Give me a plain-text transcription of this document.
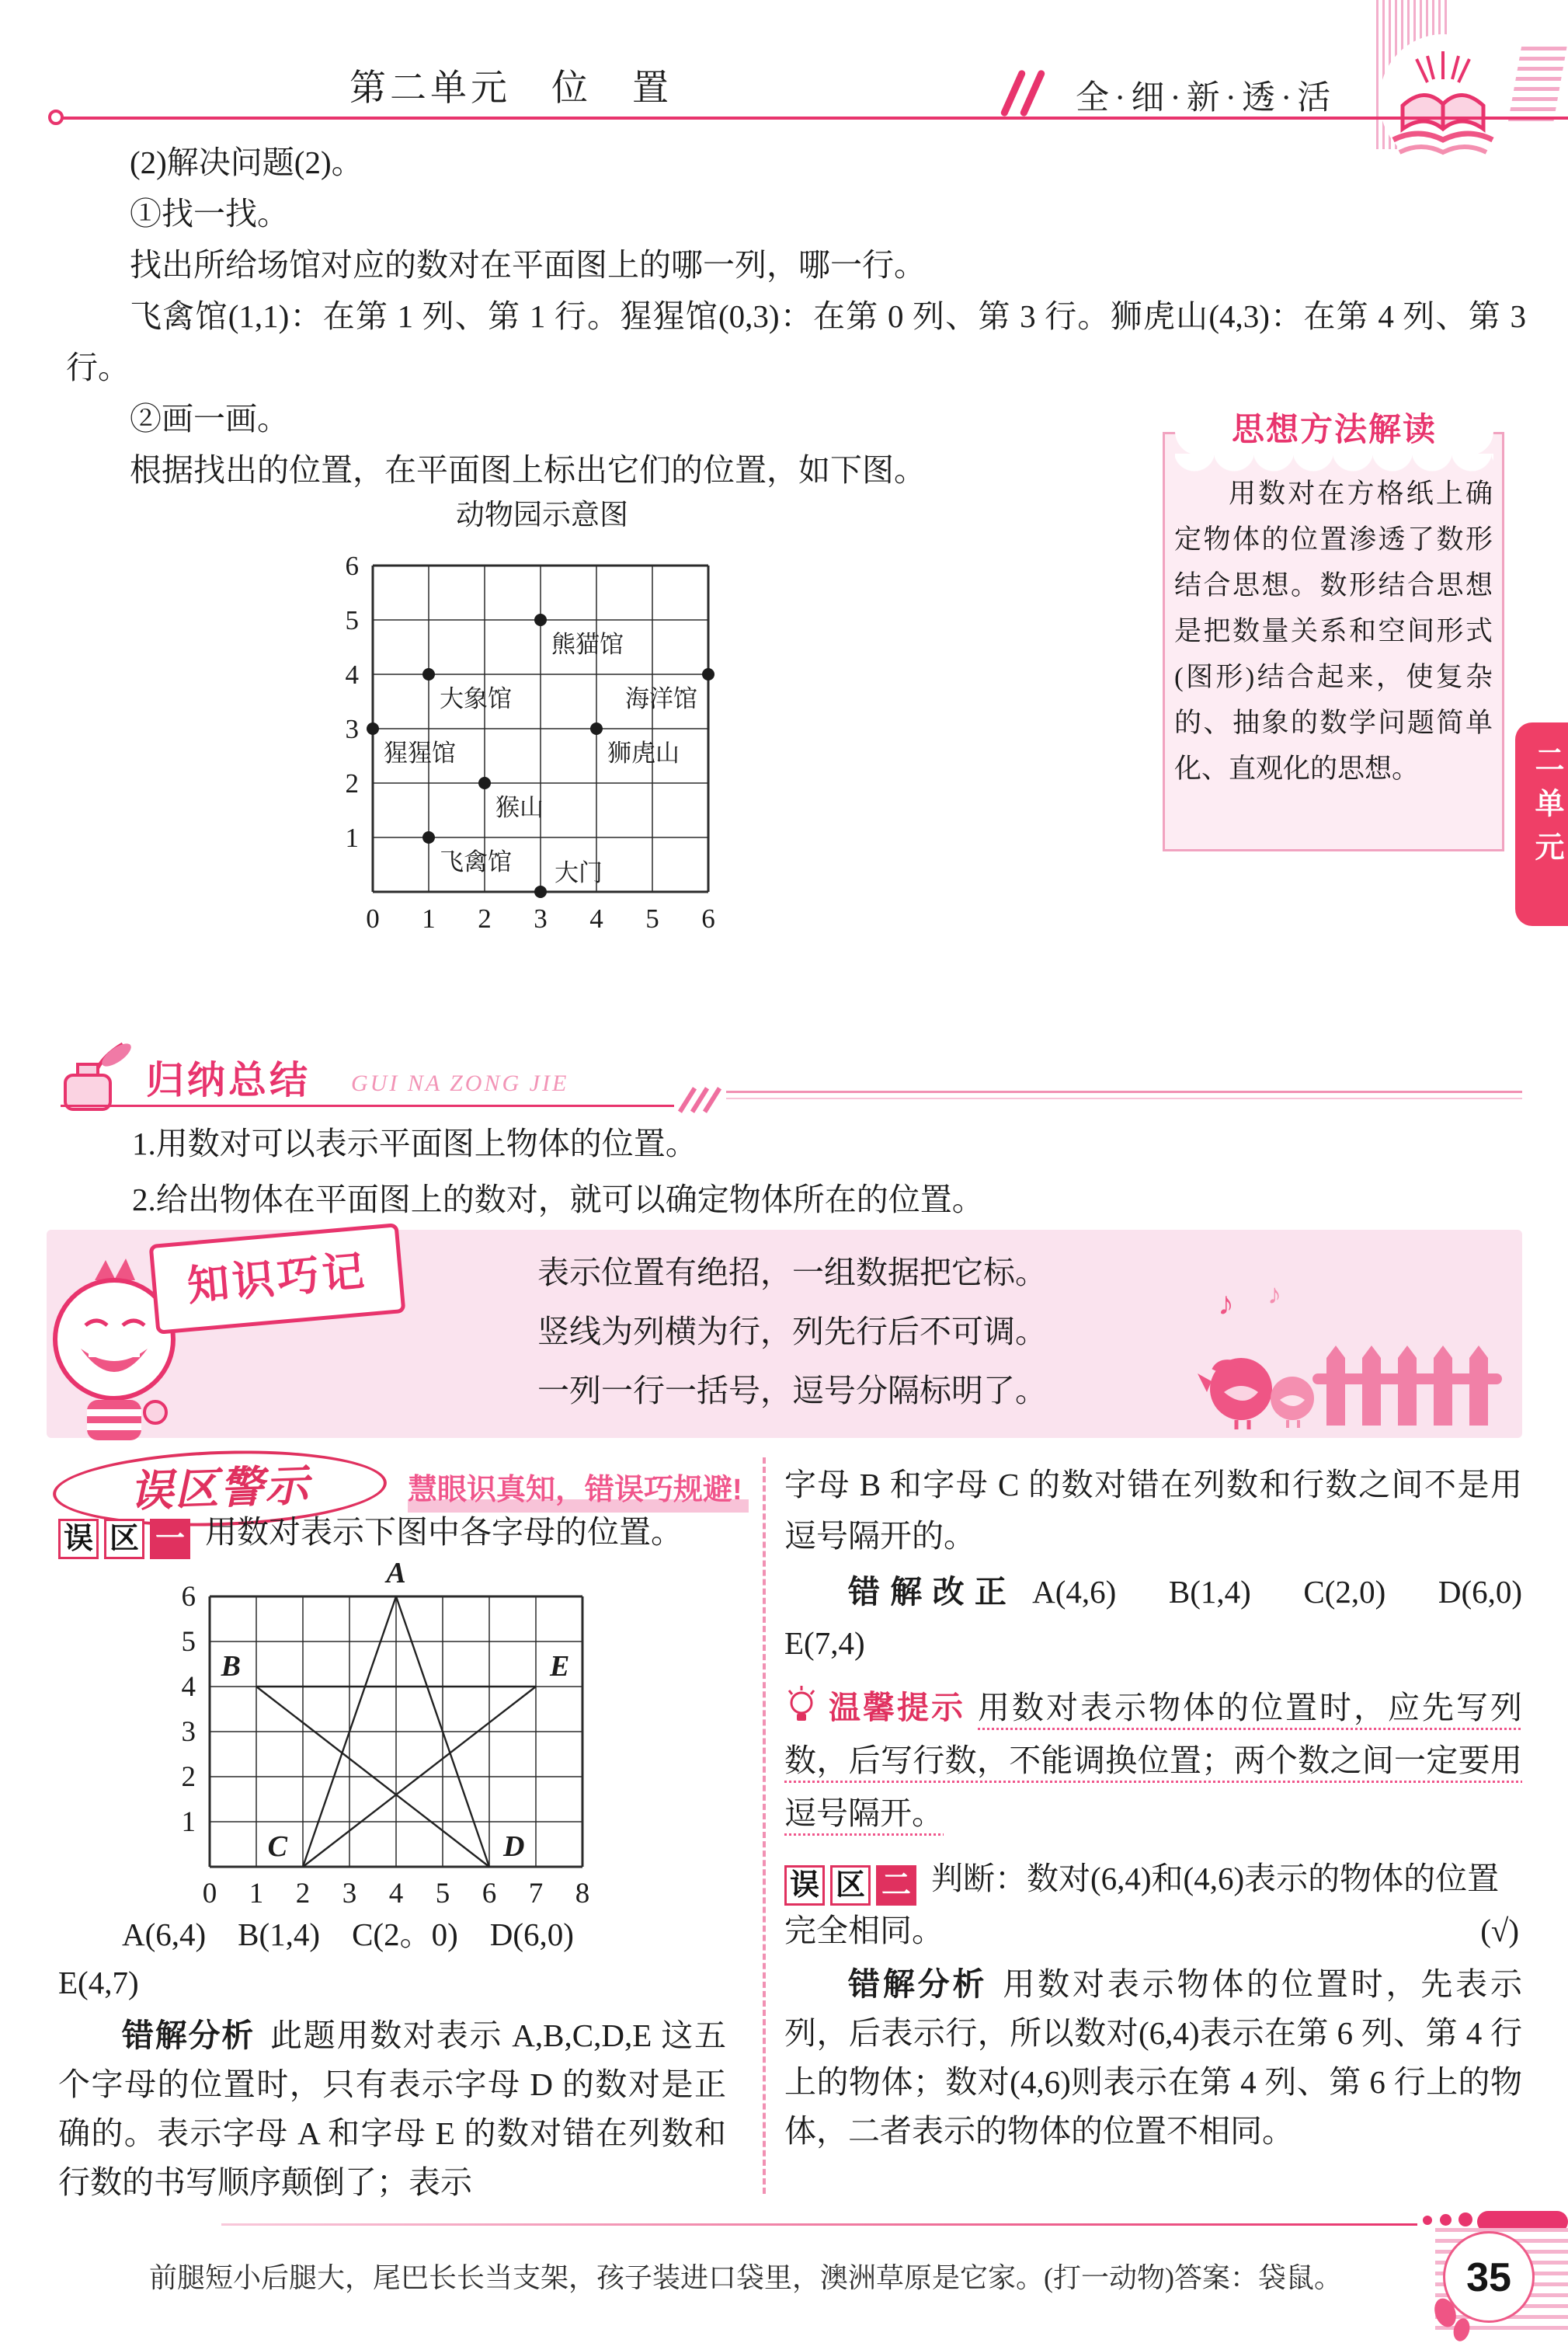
第二单元　位　置	全·细·新·透·活

(2)解决问题(2)。

①找一找。

找出所给场馆对应的数对在平面图上的哪一列，哪一行。

飞禽馆(1,1)：在第 1 列、第 1 行。猩猩馆(0,3)：在第 0 列、第 3 行。狮虎山(4,3)：在第 4 列、第 3 行。

②画一画。

根据找出的位置，在平面图上标出它们的位置，如下图。

动物园示意图
0 1 2 3 4 5 6
1
2
3
4
5
6
熊猫馆
大象馆	海洋馆
猩猩馆	狮虎山
猴山
飞禽馆 大门
思想方法解读

用数对在方格纸上确定物体的位置渗透了数形结合思想。数形结合思想是把数量关系和空间形式(图形)结合起来，使复杂的、抽象的数学问题简单化、直观化的思想。	二单元
归纳总结 GUI NA ZONG JIE

1.用数对可以表示平面图上物体的位置。

2.给出物体在平面图上的数对，就可以确定物体所在的位置。

知识巧记	表示位置有绝招，一组数据把它标。
竖线为列横为行，列先行后不可调。
一列一行一括号，逗号分隔标明了。
♪ ♪
误区警示	慧眼识真知，错误巧规避!

误 区 一 用数对表示下图中各字母的位置。

0 1 2 3 4 5 6 7 8
1
2
3
4
5
6
A
B	E
C	D

A(6,4)　B(1,4)　C(2。0)　D(6,0)

E(4,7)

错解分析 此题用数对表示 A,B,C,D,E 这五个字母的位置时，只有表示字母 D 的数对是正确的。表示字母 A 和字母 E 的数对错在列数和行数的书写顺序颠倒了；表示

字母 B 和字母 C 的数对错在列数和行数之间不是用逗号隔开的。

错解改正 A(4,6)　B(1,4)　C(2,0)　D(6,0)　E(7,4)

温馨提示 用数对表示物体的位置时，应先写列数，后写行数，不能调换位置；两个数之间一定要用逗号隔开。

误 区 二 判断：数对(6,4)和(4,6)表示的物体的位置完全相同。	(√)

错解分析 用数对表示物体的位置时，先表示列，后表示行，所以数对(6,4)表示在第 6 列、第 4 行上的物体；数对(4,6)则表示在第 4 列、第 6 行上的物体，二者表示的物体的位置不相同。

35
前腿短小后腿大，尾巴长长当支架，孩子装进口袋里，澳洲草原是它家。(打一动物)答案：袋鼠。
